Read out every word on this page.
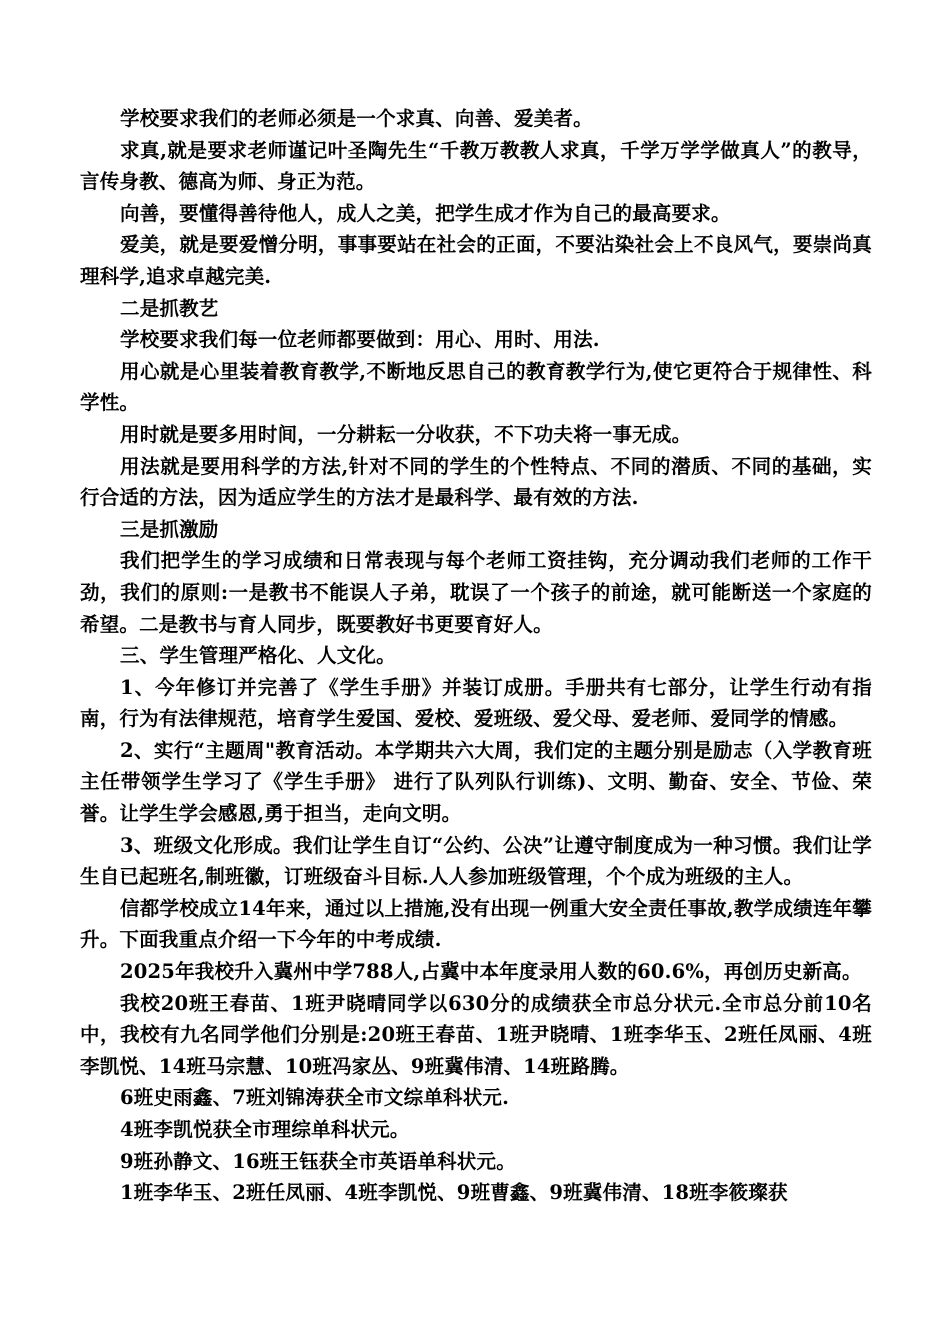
学校要求我们的老师必须是一个求真、向善、爱美者。

求真,就是要求老师谨记叶圣陶先生“千教万教教人求真，千学万学学做真人”的教导，言传身教、德高为师、身正为范。

向善，要懂得善待他人，成人之美，把学生成才作为自己的最高要求。

爱美，就是要爱憎分明，事事要站在社会的正面，不要沾染社会上不良风气，要崇尚真理科学,追求卓越完美.

二是抓教艺

学校要求我们每一位老师都要做到：用心、用时、用法.

用心就是心里装着教育教学,不断地反思自己的教育教学行为,使它更符合于规律性、科学性。

用时就是要多用时间，一分耕耘一分收获，不下功夫将一事无成。

用法就是要用科学的方法,针对不同的学生的个性特点、不同的潜质、不同的基础，实行合适的方法，因为适应学生的方法才是最科学、最有效的方法.

三是抓激励

我们把学生的学习成绩和日常表现与每个老师工资挂钩，充分调动我们老师的工作干劲，我们的原则:一是教书不能误人子弟，耽误了一个孩子的前途，就可能断送一个家庭的希望。二是教书与育人同步，既要教好书更要育好人。

三、学生管理严格化、人文化。

1、今年修订并完善了《学生手册》并装订成册。手册共有七部分，让学生行动有指南，行为有法律规范，培育学生爱国、爱校、爱班级、爱父母、爱老师、爱同学的情感。

2、实行“主题周"教育活动。本学期共六大周，我们定的主题分别是励志（入学教育班主任带领学生学习了《学生手册》 进行了队列队行训练)、文明、勤奋、安全、节俭、荣誉。让学生学会感恩,勇于担当，走向文明。

3、班级文化形成。我们让学生自订“公约、公决”让遵守制度成为一种习惯。我们让学生自已起班名,制班徽，订班级奋斗目标.人人参加班级管理，个个成为班级的主人。

信都学校成立14年来，通过以上措施,没有出现一例重大安全责任事故,教学成绩连年攀升。下面我重点介绍一下今年的中考成绩.

2025年我校升入冀州中学788人,占冀中本年度录用人数的60.6%，再创历史新高。

我校20班王春苗、1班尹晓晴同学以630分的成绩获全市总分状元.全市总分前10名中，我校有九名同学他们分别是:20班王春苗、1班尹晓晴、1班李华玉、2班任凤丽、4班李凯悦、14班马宗慧、10班冯家丛、9班冀伟清、14班路腾。

6班史雨鑫、7班刘锦涛获全市文综单科状元.

4班李凯悦获全市理综单科状元。

9班孙静文、16班王钰获全市英语单科状元。

1班李华玉、2班任凤丽、4班李凯悦、9班曹鑫、9班冀伟清、18班李筱璨获
